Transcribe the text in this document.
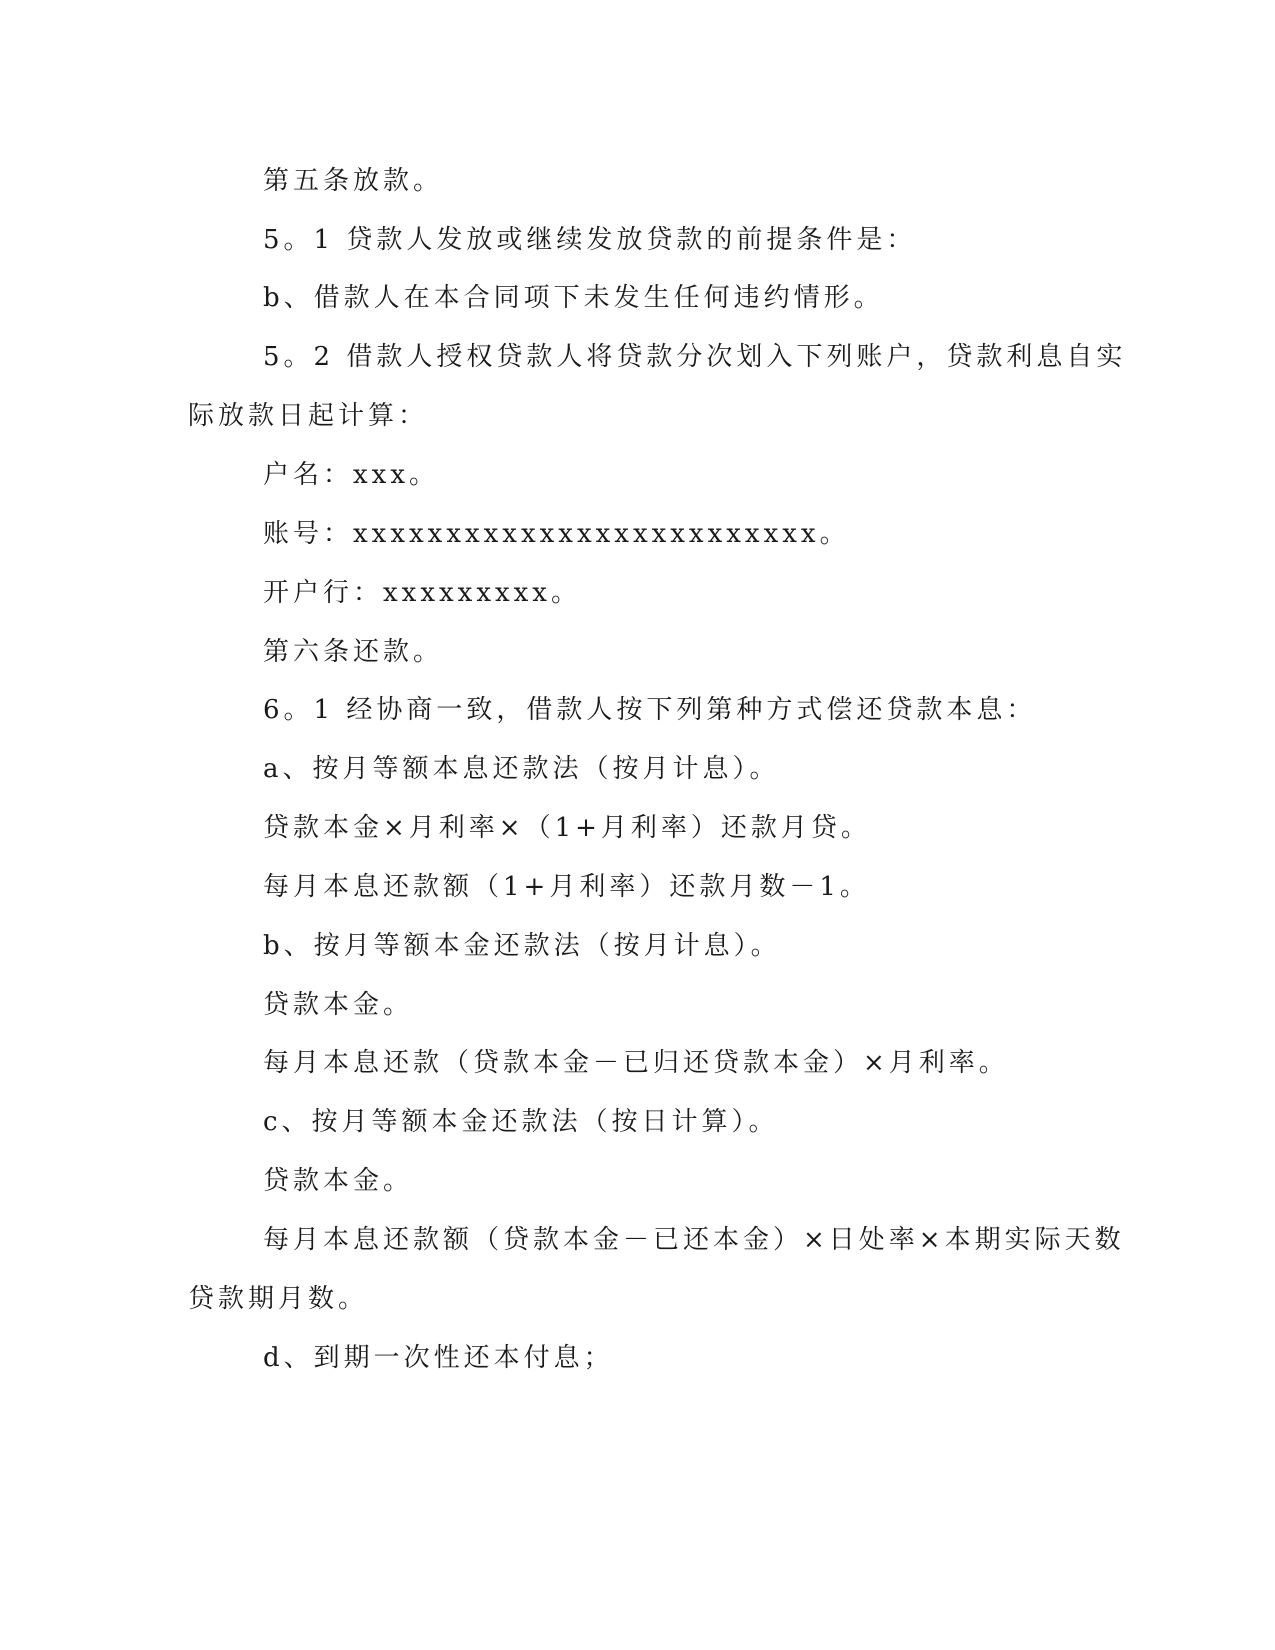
第五条放款。

5。1 贷款人发放或继续发放贷款的前提条件是：

b、借款人在本合同项下未发生任何违约情形。

5。2 借款人授权贷款人将贷款分次划入下列账户，贷款利息自实

际放款日起计算：

户名：xxx。

账号：xxxxxxxxxxxxxxxxxxxxxxxxx。

开户行：xxxxxxxxx。

第六条还款。

6。1 经协商一致，借款人按下列第种方式偿还贷款本息：

a、按月等额本息还款法（按月计息）。

贷款本金×月利率×（1+月利率）还款月贷。

每月本息还款额（1+月利率）还款月数－1。

b、按月等额本金还款法（按月计息）。

贷款本金。

每月本息还款（贷款本金－已归还贷款本金）×月利率。

c、按月等额本金还款法（按日计算）。

贷款本金。

每月本息还款额（贷款本金－已还本金）×日处率×本期实际天数

贷款期月数。

d、到期一次性还本付息；
